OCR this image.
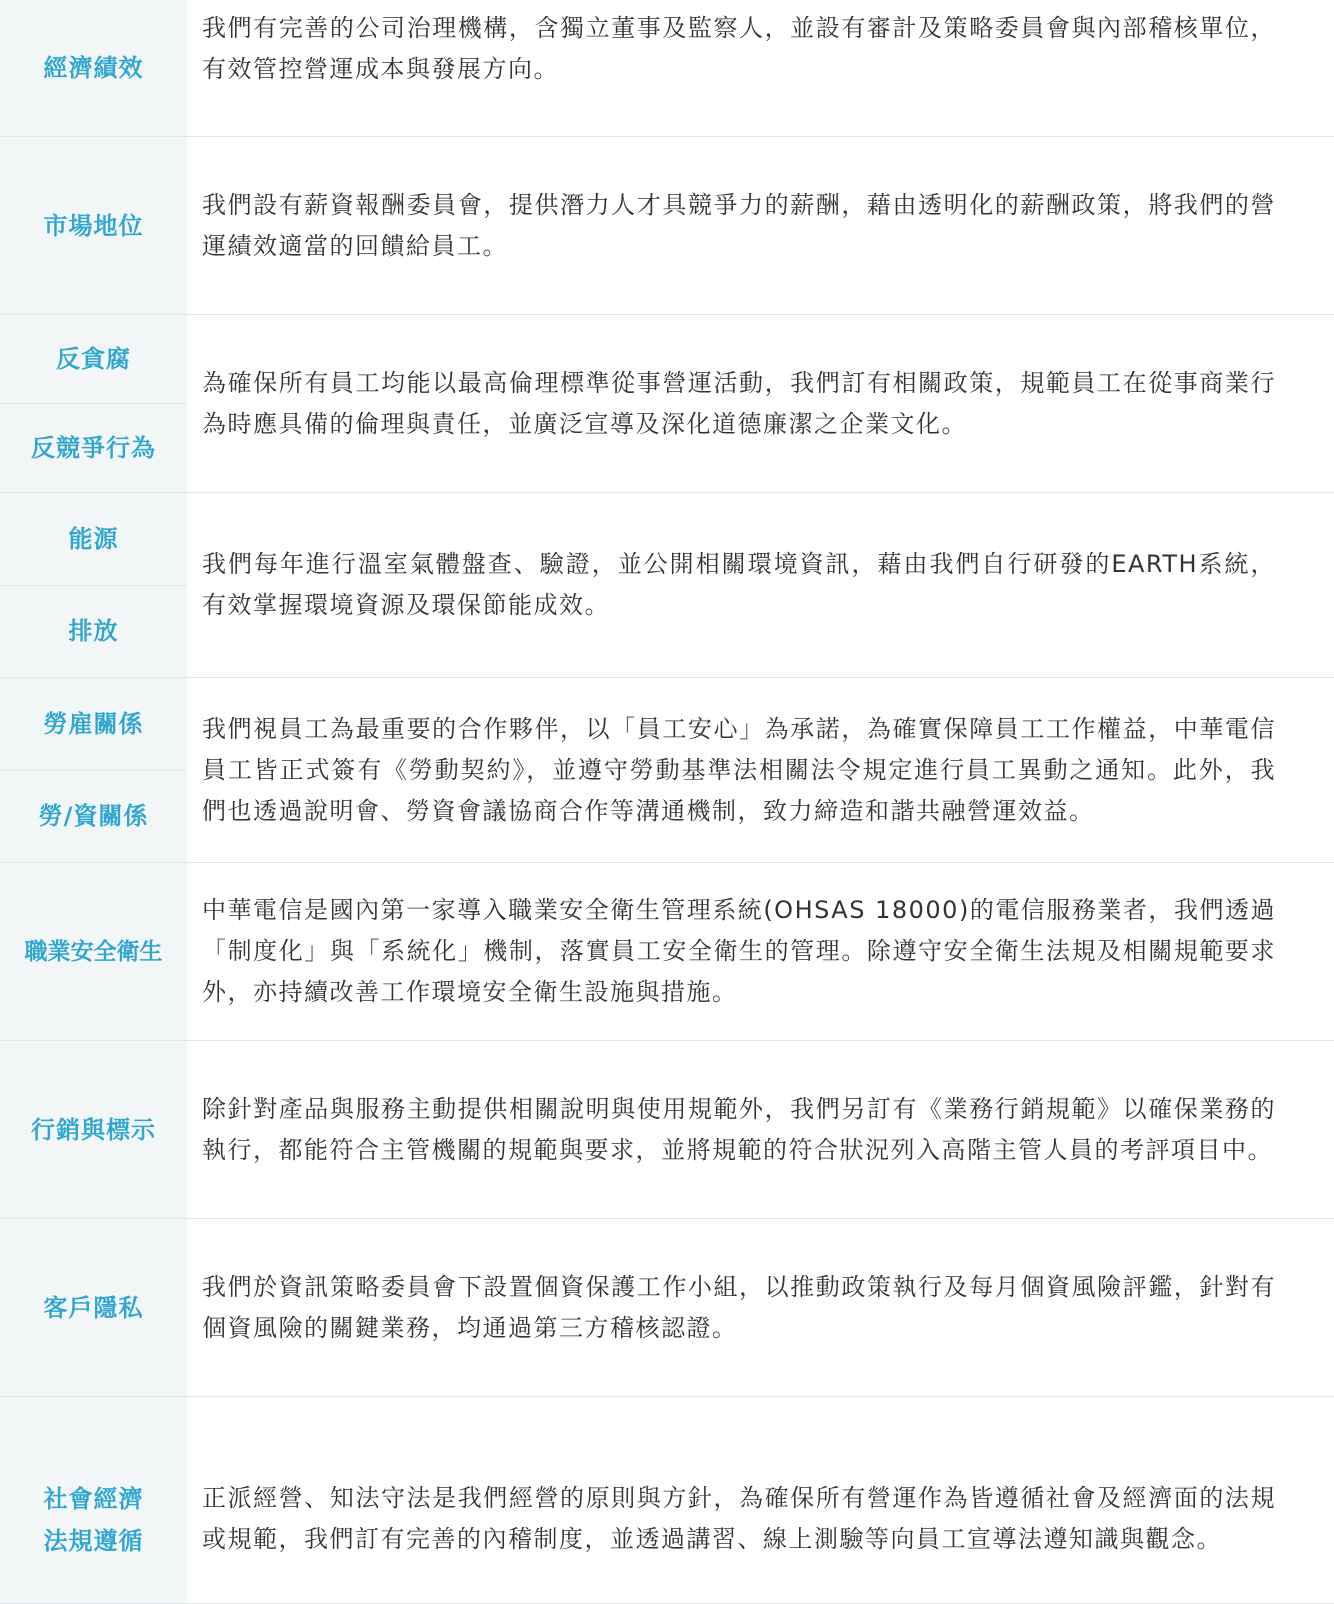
經濟績效

我們有完善的公司治理機構，含獨立董事及監察人，並設有審計及策略委員會與內部稽核單位，有效管控營運成本與發展方向。

市場地位

我們設有薪資報酬委員會，提供潛力人才具競爭力的薪酬，藉由透明化的薪酬政策，將我們的營運績效適當的回饋給員工。

反貪腐
反競爭行為

為確保所有員工均能以最高倫理標準從事營運活動，我們訂有相關政策，規範員工在從事商業行為時應具備的倫理與責任，並廣泛宣導及深化道德廉潔之企業文化。

能源
排放

我們每年進行溫室氣體盤查、驗證，並公開相關環境資訊，藉由我們自行研發的EARTH系統，有效掌握環境資源及環保節能成效。

勞雇關係
勞/資關係

我們視員工為最重要的合作夥伴，以「員工安心」為承諾，為確實保障員工工作權益，中華電信員工皆正式簽有《勞動契約》，並遵守勞動基準法相關法令規定進行員工異動之通知。此外，我們也透過說明會、勞資會議協商合作等溝通機制，致力締造和諧共融營運效益。

職業安全衛生

中華電信是國內第一家導入職業安全衛生管理系統(OHSAS 18000)的電信服務業者，我們透過「制度化」與「系統化」機制，落實員工安全衛生的管理。除遵守安全衛生法規及相關規範要求外，亦持續改善工作環境安全衛生設施與措施。

行銷與標示

除針對產品與服務主動提供相關說明與使用規範外，我們另訂有《業務行銷規範》以確保業務的執行，都能符合主管機關的規範與要求，並將規範的符合狀況列入高階主管人員的考評項目中。

客戶隱私

我們於資訊策略委員會下設置個資保護工作小組，以推動政策執行及每月個資風險評鑑，針對有個資風險的關鍵業務，均通過第三方稽核認證。

社會經濟
法規遵循

正派經營、知法守法是我們經營的原則與方針，為確保所有營運作為皆遵循社會及經濟面的法規或規範，我們訂有完善的內稽制度，並透過講習、線上測驗等向員工宣導法遵知識與觀念。
